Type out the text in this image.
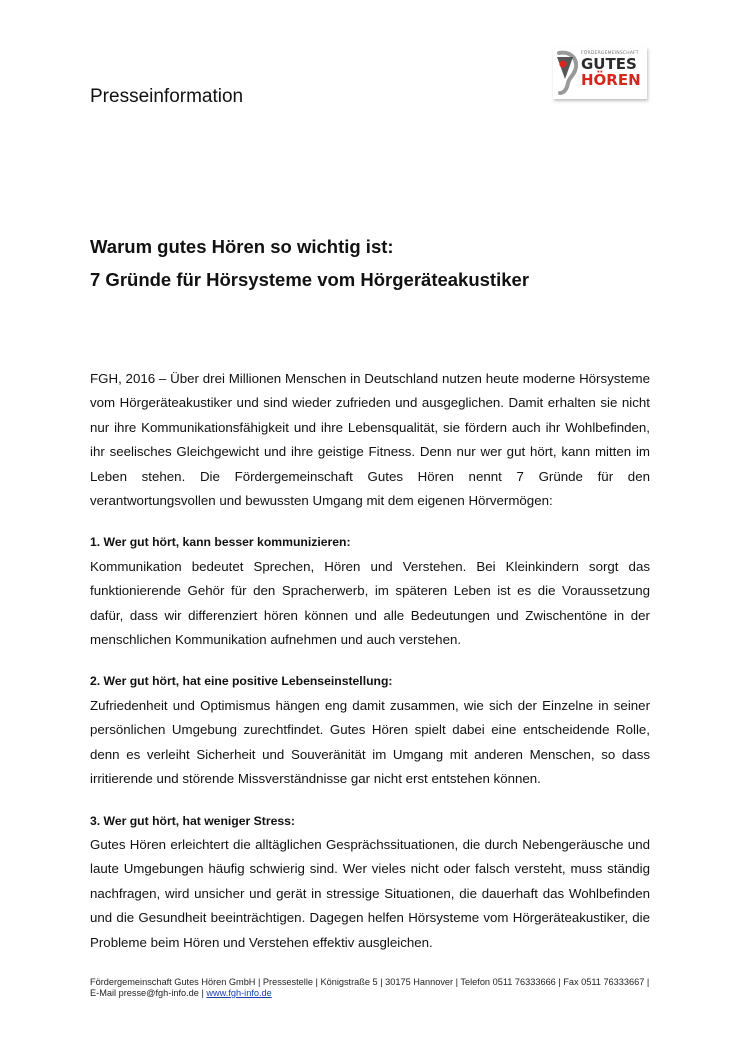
FÖRDERGEMEINSCHAFT
GUTES
HÖREN
Presseinformation
Warum gutes Hören so wichtig ist:
7 Gründe für Hörsysteme vom Hörgeräteakustiker

FGH, 2016 – Über drei Millionen Menschen in Deutschland nutzen heute moderne Hörsysteme vom Hörgeräteakustiker und sind wieder zufrieden und ausgeglichen. Damit erhalten sie nicht nur ihre Kommunikationsfähigkeit und ihre Lebensqualität, sie fördern auch ihr Wohlbefinden, ihr seelisches Gleichgewicht und ihre geistige Fitness. Denn nur wer gut hört, kann mitten im Leben stehen. Die Fördergemeinschaft Gutes Hören nennt 7 Gründe für den verantwortungsvollen und bewussten Umgang mit dem eigenen Hörvermögen:

1. Wer gut hört, kann besser kommunizieren:

Kommunikation bedeutet Sprechen, Hören und Verstehen. Bei Kleinkindern sorgt das funktionierende Gehör für den Spracherwerb, im späteren Leben ist es die Voraussetzung dafür, dass wir differenziert hören können und alle Bedeutungen und Zwischentöne in der menschlichen Kommunikation aufnehmen und auch verstehen.

2. Wer gut hört, hat eine positive Lebenseinstellung:

Zufriedenheit und Optimismus hängen eng damit zusammen, wie sich der Einzelne in seiner persönlichen Umgebung zurechtfindet. Gutes Hören spielt dabei eine entscheidende Rolle, denn es verleiht Sicherheit und Souveränität im Umgang mit anderen Menschen, so dass irritierende und störende Missverständnisse gar nicht erst entstehen können.

3. Wer gut hört, hat weniger Stress:

Gutes Hören erleichtert die alltäglichen Gesprächssituationen, die durch Nebengeräusche und laute Umgebungen häufig schwierig sind. Wer vieles nicht oder falsch versteht, muss ständig nachfragen, wird unsicher und gerät in stressige Situationen, die dauerhaft das Wohlbefinden und die Gesundheit beeinträchtigen. Dagegen helfen Hörsysteme vom Hörgeräteakustiker, die Probleme beim Hören und Verstehen effektiv ausgleichen.

Fördergemeinschaft Gutes Hören GmbH | Pressestelle | Königstraße 5 | 30175 Hannover | Telefon 0511 76333666 | Fax 0511 76333667 | E-Mail presse@fgh-info.de | www.fgh-info.de
